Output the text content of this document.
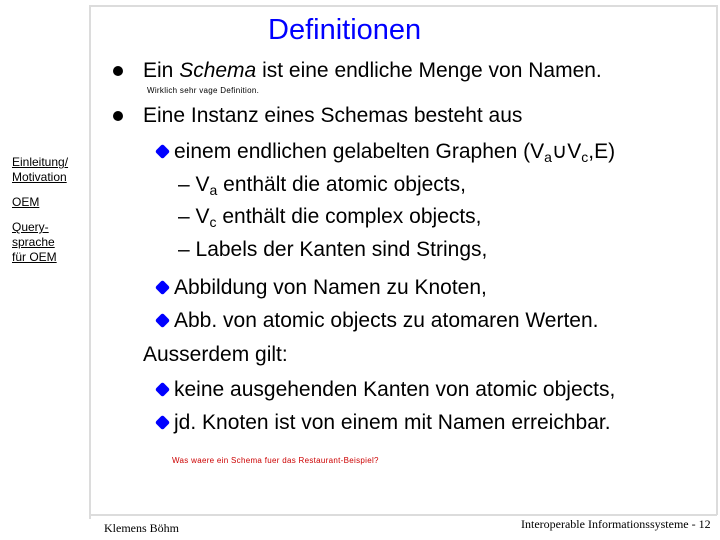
Definitionen
Einleitung/
Motivation
OEM
Query-
sprache
für OEM
Ein Schema ist eine endliche Menge von Namen.
Wirklich sehr vage Definition.
Eine Instanz eines Schemas besteht aus
einem endlichen gelabelten Graphen $(V_a\cup V_c,E)$
– $V_a$ enthält die atomic objects,
– $V_c$ enthält die complex objects,
– Labels der Kanten sind Strings,
Abbildung von Namen zu Knoten,
Abb. von atomic objects zu atomaren Werten.
Ausserdem gilt:
keine ausgehenden Kanten von atomic objects,
jd. Knoten ist von einem mit Namen erreichbar.
Was waere ein Schema fuer das Restaurant-Beispiel?
Klemens Böhm	Interoperable Informationssysteme - 12
